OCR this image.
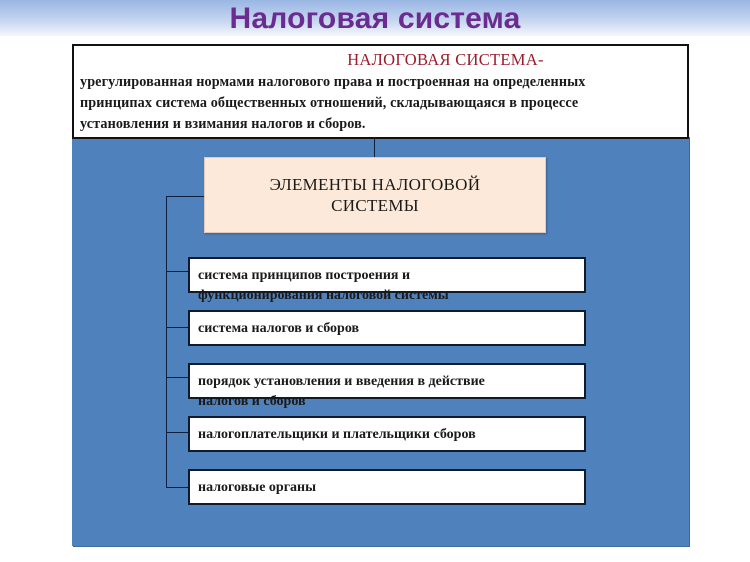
Налоговая система
НАЛОГОВАЯ СИСТЕМА-
урегулированная нормами налогового права и построенная на определенных
принципах система общественных отношений, складывающаяся в процессе
установления и взимания налогов и сборов.
ЭЛЕМЕНТЫ НАЛОГОВОЙ
СИСТЕМЫ
система принципов построения и
функционирования налоговой системы
система налогов и сборов
порядок установления и введения в действие
налогов и сборов
налогоплательщики и плательщики сборов
налоговые органы
